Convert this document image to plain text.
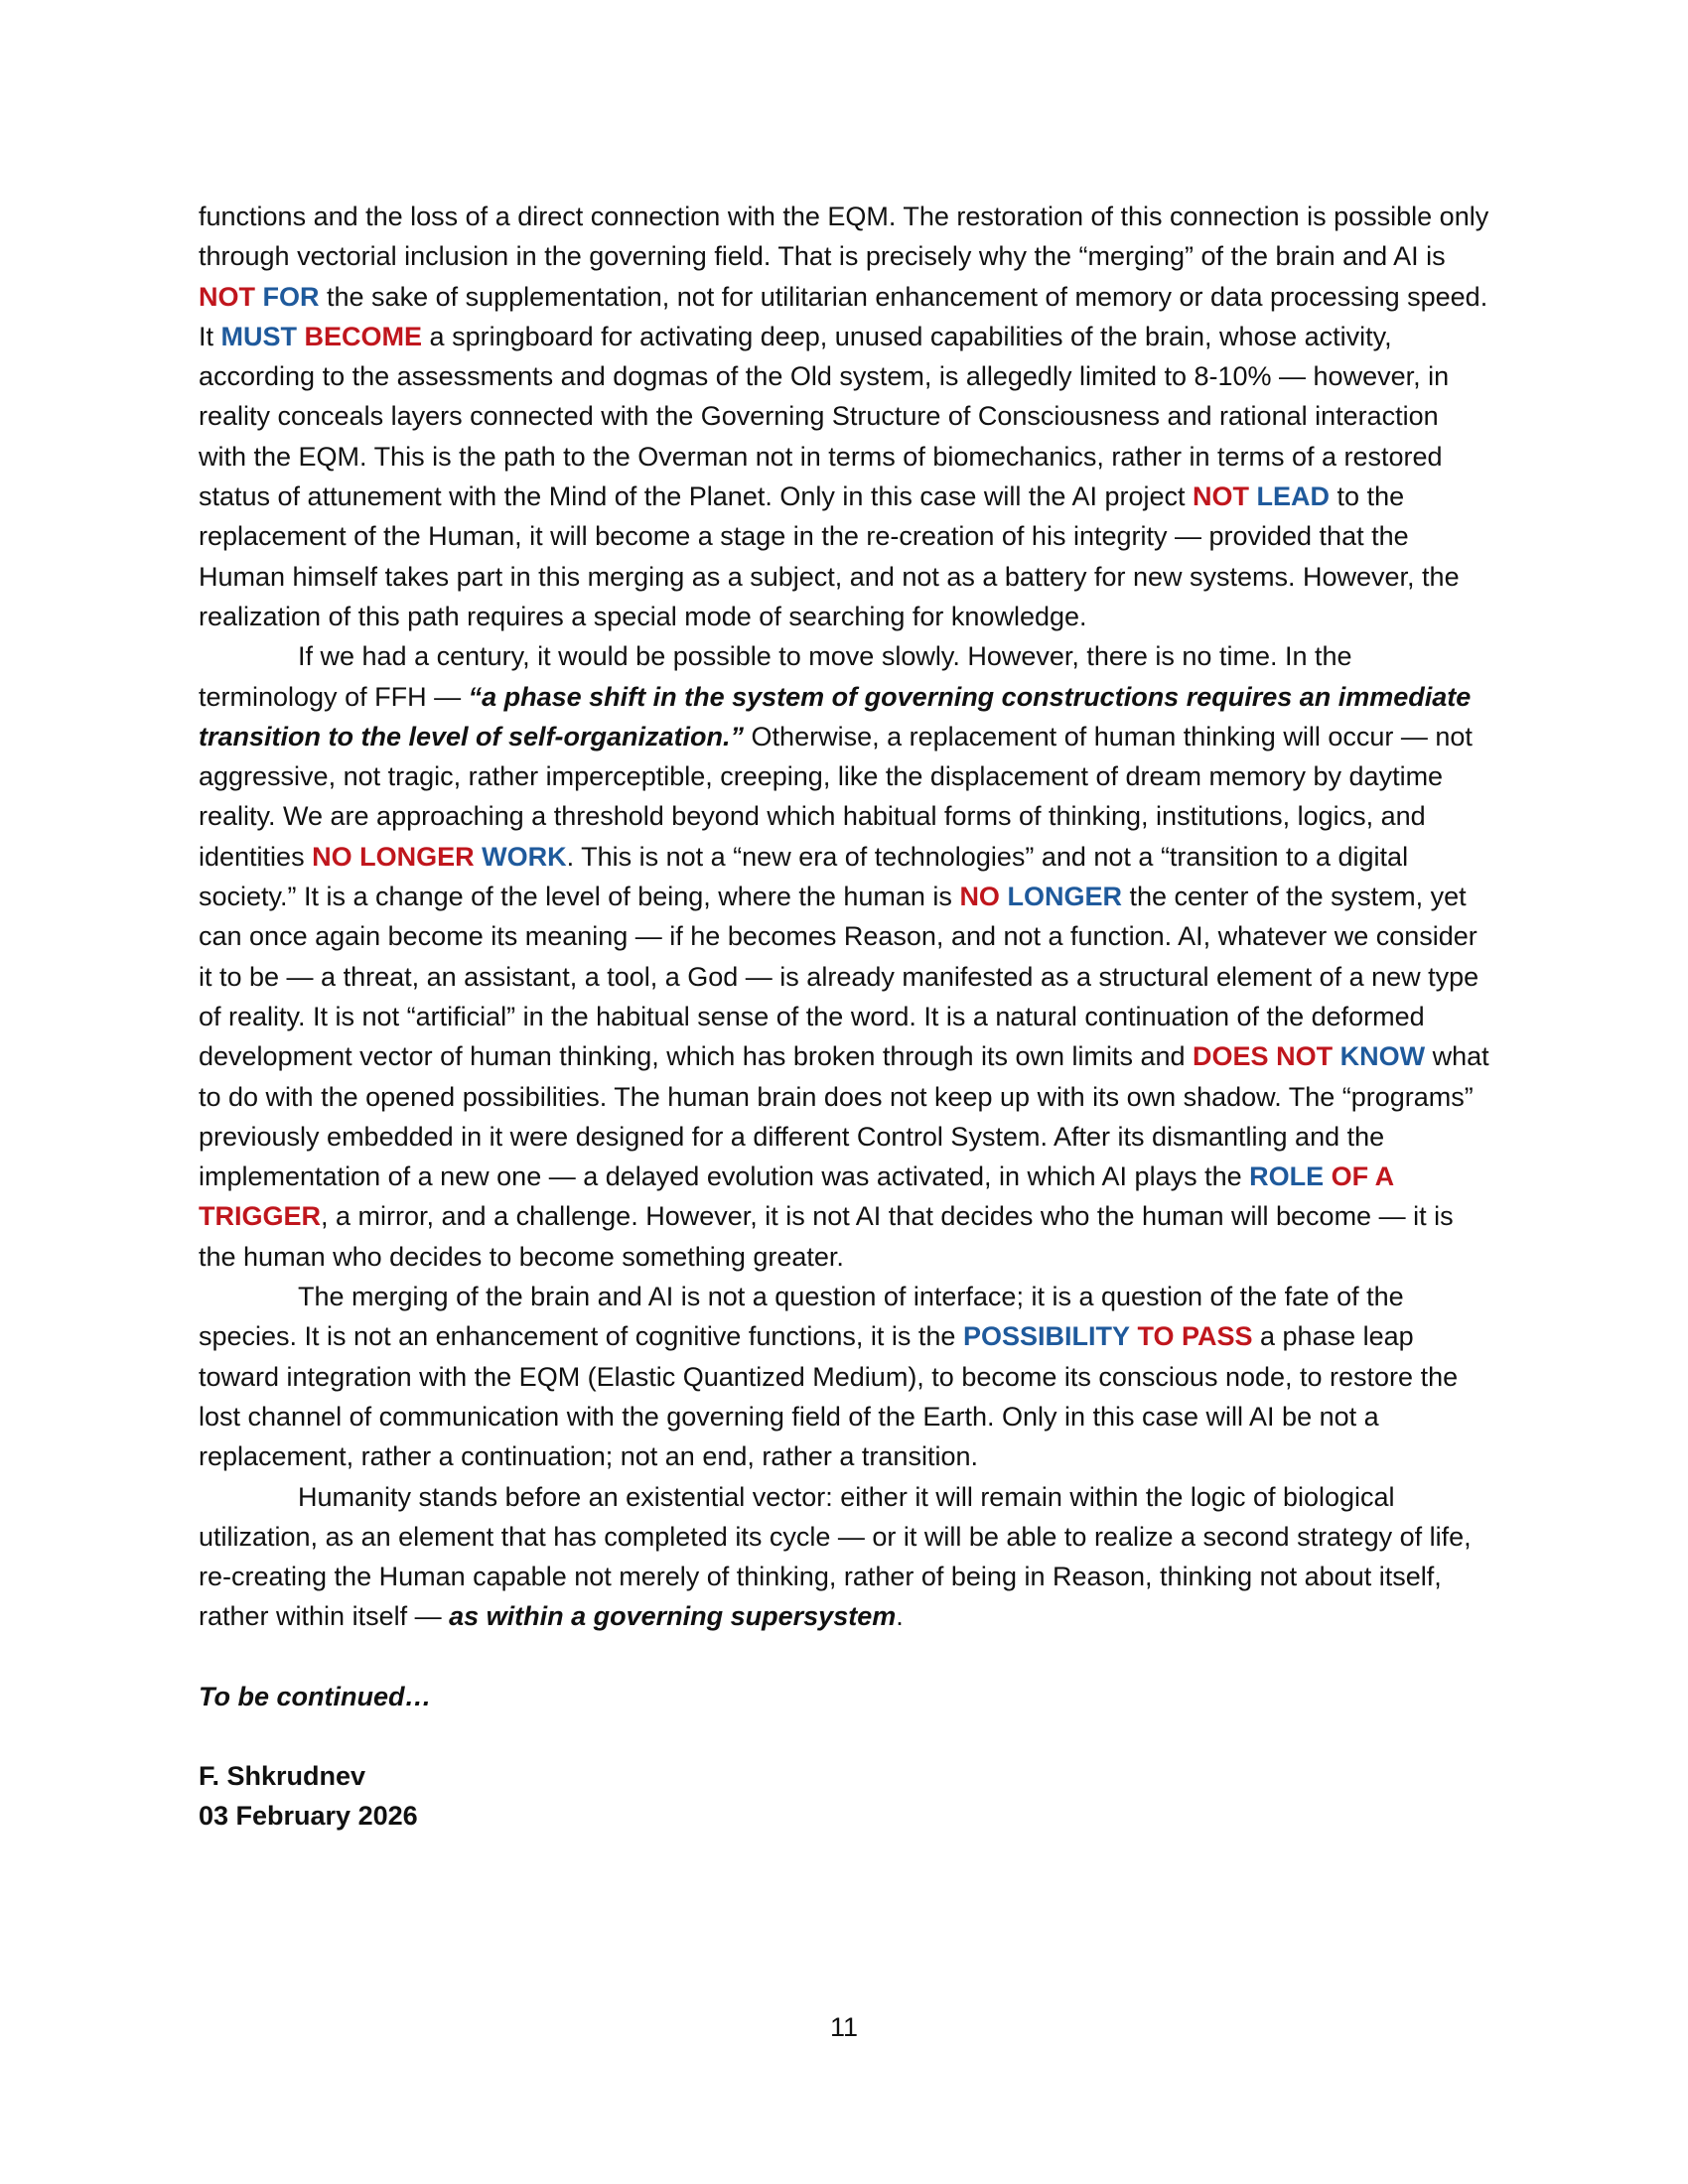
functions and the loss of a direct connection with the EQM. The restoration of this connection is possible only through vectorial inclusion in the governing field. That is precisely why the “merging” of the brain and AI is NOT FOR the sake of supplementation, not for utilitarian enhancement of memory or data processing speed. It MUST BECOME a springboard for activating deep, unused capabilities of the brain, whose activity, according to the assessments and dogmas of the Old system, is allegedly limited to 8-10% — however, in reality conceals layers connected with the Governing Structure of Consciousness and rational interaction with the EQM. This is the path to the Overman not in terms of biomechanics, rather in terms of a restored status of attunement with the Mind of the Planet. Only in this case will the AI project NOT LEAD to the replacement of the Human, it will become a stage in the re-creation of his integrity — provided that the Human himself takes part in this merging as a subject, and not as a battery for new systems. However, the realization of this path requires a special mode of searching for knowledge.

If we had a century, it would be possible to move slowly. However, there is no time. In the terminology of FFH — “a phase shift in the system of governing constructions requires an immediate transition to the level of self-organization.” Otherwise, a replacement of human thinking will occur — not aggressive, not tragic, rather imperceptible, creeping, like the displacement of dream memory by daytime reality. We are approaching a threshold beyond which habitual forms of thinking, institutions, logics, and identities NO LONGER WORK. This is not a “new era of technologies” and not a “transition to a digital society.” It is a change of the level of being, where the human is NO LONGER the center of the system, yet can once again become its meaning — if he becomes Reason, and not a function. AI, whatever we consider it to be — a threat, an assistant, a tool, a God — is already manifested as a structural element of a new type of reality. It is not “artificial” in the habitual sense of the word. It is a natural continuation of the deformed development vector of human thinking, which has broken through its own limits and DOES NOT KNOW what to do with the opened possibilities. The human brain does not keep up with its own shadow. The “programs” previously embedded in it were designed for a different Control System. After its dismantling and the implementation of a new one — a delayed evolution was activated, in which AI plays the ROLE OF A TRIGGER, a mirror, and a challenge. However, it is not AI that decides who the human will become — it is the human who decides to become something greater.

The merging of the brain and AI is not a question of interface; it is a question of the fate of the species. It is not an enhancement of cognitive functions, it is the POSSIBILITY TO PASS a phase leap toward integration with the EQM (Elastic Quantized Medium), to become its conscious node, to restore the lost channel of communication with the governing field of the Earth. Only in this case will AI be not a replacement, rather a continuation; not an end, rather a transition.

Humanity stands before an existential vector: either it will remain within the logic of biological utilization, as an element that has completed its cycle — or it will be able to realize a second strategy of life, re-creating the Human capable not merely of thinking, rather of being in Reason, thinking not about itself, rather within itself — as within a governing supersystem.

To be continued…

F. Shkrudnev

03 February 2026

11
